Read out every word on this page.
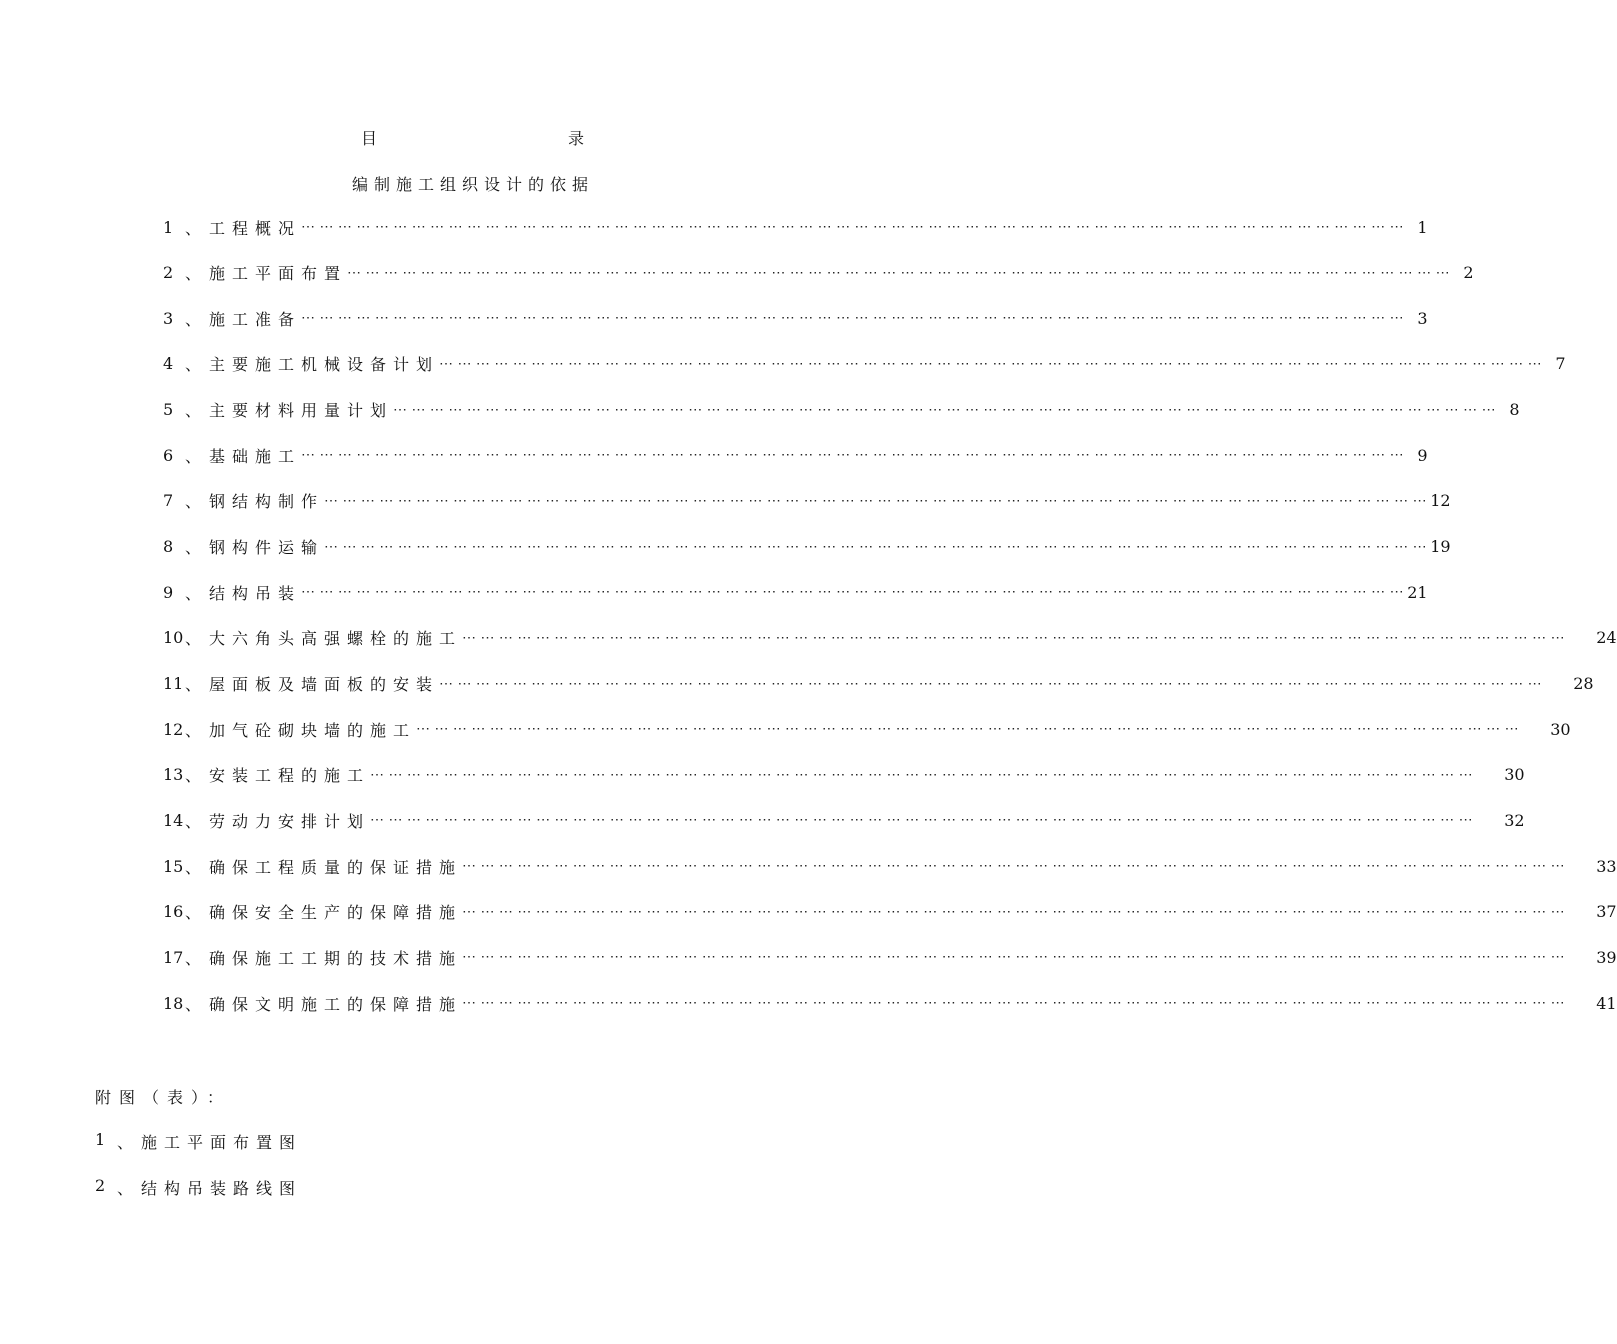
目	录
编制施工组织设计的依据
1 、 工程概况 ⋯ ⋯ ⋯ ⋯ ⋯ ⋯ ⋯ ⋯ ⋯ ⋯ ⋯ ⋯ ⋯ ⋯ ⋯ ⋯ ⋯ ⋯ ⋯ ⋯ ⋯ ⋯ ⋯ ⋯ ⋯ ⋯ ⋯ ⋯ ⋯ ⋯ ⋯ ⋯ ⋯ ⋯ ⋯ ⋯ ⋯ ⋯ ⋯ ⋯ ⋯ ⋯ ⋯ ⋯ ⋯ ⋯ ⋯ ⋯ ⋯ ⋯ ⋯ ⋯ ⋯ ⋯ ⋯ ⋯ ⋯ ⋯ ⋯ ⋯ 1
2 、 施工平面布置 ⋯ ⋯ ⋯ ⋯ ⋯ ⋯ ⋯ ⋯ ⋯ ⋯ ⋯ ⋯ ⋯ ⋯ ⋯ ⋯ ⋯ ⋯ ⋯ ⋯ ⋯ ⋯ ⋯ ⋯ ⋯ ⋯ ⋯ ⋯ ⋯ ⋯ ⋯ ⋯ ⋯ ⋯ ⋯ ⋯ ⋯ ⋯ ⋯ ⋯ ⋯ ⋯ ⋯ ⋯ ⋯ ⋯ ⋯ ⋯ ⋯ ⋯ ⋯ ⋯ ⋯ ⋯ ⋯ ⋯ ⋯ ⋯ ⋯ ⋯ 2
3 、 施工准备 ⋯ ⋯ ⋯ ⋯ ⋯ ⋯ ⋯ ⋯ ⋯ ⋯ ⋯ ⋯ ⋯ ⋯ ⋯ ⋯ ⋯ ⋯ ⋯ ⋯ ⋯ ⋯ ⋯ ⋯ ⋯ ⋯ ⋯ ⋯ ⋯ ⋯ ⋯ ⋯ ⋯ ⋯ ⋯ ⋯ ⋯ ⋯ ⋯ ⋯ ⋯ ⋯ ⋯ ⋯ ⋯ ⋯ ⋯ ⋯ ⋯ ⋯ ⋯ ⋯ ⋯ ⋯ ⋯ ⋯ ⋯ ⋯ ⋯ ⋯ 3
4 、 主要施工机械设备计划 ⋯ ⋯ ⋯ ⋯ ⋯ ⋯ ⋯ ⋯ ⋯ ⋯ ⋯ ⋯ ⋯ ⋯ ⋯ ⋯ ⋯ ⋯ ⋯ ⋯ ⋯ ⋯ ⋯ ⋯ ⋯ ⋯ ⋯ ⋯ ⋯ ⋯ ⋯ ⋯ ⋯ ⋯ ⋯ ⋯ ⋯ ⋯ ⋯ ⋯ ⋯ ⋯ ⋯ ⋯ ⋯ ⋯ ⋯ ⋯ ⋯ ⋯ ⋯ ⋯ ⋯ ⋯ ⋯ ⋯ ⋯ ⋯ ⋯ ⋯ 7
5 、 主要材料用量计划 ⋯ ⋯ ⋯ ⋯ ⋯ ⋯ ⋯ ⋯ ⋯ ⋯ ⋯ ⋯ ⋯ ⋯ ⋯ ⋯ ⋯ ⋯ ⋯ ⋯ ⋯ ⋯ ⋯ ⋯ ⋯ ⋯ ⋯ ⋯ ⋯ ⋯ ⋯ ⋯ ⋯ ⋯ ⋯ ⋯ ⋯ ⋯ ⋯ ⋯ ⋯ ⋯ ⋯ ⋯ ⋯ ⋯ ⋯ ⋯ ⋯ ⋯ ⋯ ⋯ ⋯ ⋯ ⋯ ⋯ ⋯ ⋯ ⋯ ⋯ 8
6 、 基础施工 ⋯ ⋯ ⋯ ⋯ ⋯ ⋯ ⋯ ⋯ ⋯ ⋯ ⋯ ⋯ ⋯ ⋯ ⋯ ⋯ ⋯ ⋯ ⋯ ⋯ ⋯ ⋯ ⋯ ⋯ ⋯ ⋯ ⋯ ⋯ ⋯ ⋯ ⋯ ⋯ ⋯ ⋯ ⋯ ⋯ ⋯ ⋯ ⋯ ⋯ ⋯ ⋯ ⋯ ⋯ ⋯ ⋯ ⋯ ⋯ ⋯ ⋯ ⋯ ⋯ ⋯ ⋯ ⋯ ⋯ ⋯ ⋯ ⋯ ⋯ 9
7 、 钢结构制作 ⋯ ⋯ ⋯ ⋯ ⋯ ⋯ ⋯ ⋯ ⋯ ⋯ ⋯ ⋯ ⋯ ⋯ ⋯ ⋯ ⋯ ⋯ ⋯ ⋯ ⋯ ⋯ ⋯ ⋯ ⋯ ⋯ ⋯ ⋯ ⋯ ⋯ ⋯ ⋯ ⋯ ⋯ ⋯ ⋯ ⋯ ⋯ ⋯ ⋯ ⋯ ⋯ ⋯ ⋯ ⋯ ⋯ ⋯ ⋯ ⋯ ⋯ ⋯ ⋯ ⋯ ⋯ ⋯ ⋯ ⋯ ⋯ ⋯ ⋯ 12
8 、 钢构件运输 ⋯ ⋯ ⋯ ⋯ ⋯ ⋯ ⋯ ⋯ ⋯ ⋯ ⋯ ⋯ ⋯ ⋯ ⋯ ⋯ ⋯ ⋯ ⋯ ⋯ ⋯ ⋯ ⋯ ⋯ ⋯ ⋯ ⋯ ⋯ ⋯ ⋯ ⋯ ⋯ ⋯ ⋯ ⋯ ⋯ ⋯ ⋯ ⋯ ⋯ ⋯ ⋯ ⋯ ⋯ ⋯ ⋯ ⋯ ⋯ ⋯ ⋯ ⋯ ⋯ ⋯ ⋯ ⋯ ⋯ ⋯ ⋯ ⋯ ⋯ 19
9 、 结构吊装 ⋯ ⋯ ⋯ ⋯ ⋯ ⋯ ⋯ ⋯ ⋯ ⋯ ⋯ ⋯ ⋯ ⋯ ⋯ ⋯ ⋯ ⋯ ⋯ ⋯ ⋯ ⋯ ⋯ ⋯ ⋯ ⋯ ⋯ ⋯ ⋯ ⋯ ⋯ ⋯ ⋯ ⋯ ⋯ ⋯ ⋯ ⋯ ⋯ ⋯ ⋯ ⋯ ⋯ ⋯ ⋯ ⋯ ⋯ ⋯ ⋯ ⋯ ⋯ ⋯ ⋯ ⋯ ⋯ ⋯ ⋯ ⋯ ⋯ ⋯ 21
10 、 大六角头高强螺栓的施工 ⋯ ⋯ ⋯ ⋯ ⋯ ⋯ ⋯ ⋯ ⋯ ⋯ ⋯ ⋯ ⋯ ⋯ ⋯ ⋯ ⋯ ⋯ ⋯ ⋯ ⋯ ⋯ ⋯ ⋯ ⋯ ⋯ ⋯ ⋯ ⋯ ⋯ ⋯ ⋯ ⋯ ⋯ ⋯ ⋯ ⋯ ⋯ ⋯ ⋯ ⋯ ⋯ ⋯ ⋯ ⋯ ⋯ ⋯ ⋯ ⋯ ⋯ ⋯ ⋯ ⋯ ⋯ ⋯ ⋯ ⋯ ⋯ ⋯ ⋯ 24
11 、 屋面板及墙面板的安装 ⋯ ⋯ ⋯ ⋯ ⋯ ⋯ ⋯ ⋯ ⋯ ⋯ ⋯ ⋯ ⋯ ⋯ ⋯ ⋯ ⋯ ⋯ ⋯ ⋯ ⋯ ⋯ ⋯ ⋯ ⋯ ⋯ ⋯ ⋯ ⋯ ⋯ ⋯ ⋯ ⋯ ⋯ ⋯ ⋯ ⋯ ⋯ ⋯ ⋯ ⋯ ⋯ ⋯ ⋯ ⋯ ⋯ ⋯ ⋯ ⋯ ⋯ ⋯ ⋯ ⋯ ⋯ ⋯ ⋯ ⋯ ⋯ ⋯ ⋯ 28
12 、 加气砼砌块墙的施工 ⋯ ⋯ ⋯ ⋯ ⋯ ⋯ ⋯ ⋯ ⋯ ⋯ ⋯ ⋯ ⋯ ⋯ ⋯ ⋯ ⋯ ⋯ ⋯ ⋯ ⋯ ⋯ ⋯ ⋯ ⋯ ⋯ ⋯ ⋯ ⋯ ⋯ ⋯ ⋯ ⋯ ⋯ ⋯ ⋯ ⋯ ⋯ ⋯ ⋯ ⋯ ⋯ ⋯ ⋯ ⋯ ⋯ ⋯ ⋯ ⋯ ⋯ ⋯ ⋯ ⋯ ⋯ ⋯ ⋯ ⋯ ⋯ ⋯ ⋯ 30
13 、 安装工程的施工 ⋯ ⋯ ⋯ ⋯ ⋯ ⋯ ⋯ ⋯ ⋯ ⋯ ⋯ ⋯ ⋯ ⋯ ⋯ ⋯ ⋯ ⋯ ⋯ ⋯ ⋯ ⋯ ⋯ ⋯ ⋯ ⋯ ⋯ ⋯ ⋯ ⋯ ⋯ ⋯ ⋯ ⋯ ⋯ ⋯ ⋯ ⋯ ⋯ ⋯ ⋯ ⋯ ⋯ ⋯ ⋯ ⋯ ⋯ ⋯ ⋯ ⋯ ⋯ ⋯ ⋯ ⋯ ⋯ ⋯ ⋯ ⋯ ⋯ ⋯ 30
14 、 劳动力安排计划 ⋯ ⋯ ⋯ ⋯ ⋯ ⋯ ⋯ ⋯ ⋯ ⋯ ⋯ ⋯ ⋯ ⋯ ⋯ ⋯ ⋯ ⋯ ⋯ ⋯ ⋯ ⋯ ⋯ ⋯ ⋯ ⋯ ⋯ ⋯ ⋯ ⋯ ⋯ ⋯ ⋯ ⋯ ⋯ ⋯ ⋯ ⋯ ⋯ ⋯ ⋯ ⋯ ⋯ ⋯ ⋯ ⋯ ⋯ ⋯ ⋯ ⋯ ⋯ ⋯ ⋯ ⋯ ⋯ ⋯ ⋯ ⋯ ⋯ ⋯ 32
15 、 确保工程质量的保证措施 ⋯ ⋯ ⋯ ⋯ ⋯ ⋯ ⋯ ⋯ ⋯ ⋯ ⋯ ⋯ ⋯ ⋯ ⋯ ⋯ ⋯ ⋯ ⋯ ⋯ ⋯ ⋯ ⋯ ⋯ ⋯ ⋯ ⋯ ⋯ ⋯ ⋯ ⋯ ⋯ ⋯ ⋯ ⋯ ⋯ ⋯ ⋯ ⋯ ⋯ ⋯ ⋯ ⋯ ⋯ ⋯ ⋯ ⋯ ⋯ ⋯ ⋯ ⋯ ⋯ ⋯ ⋯ ⋯ ⋯ ⋯ ⋯ ⋯ ⋯ 33
16 、 确保安全生产的保障措施 ⋯ ⋯ ⋯ ⋯ ⋯ ⋯ ⋯ ⋯ ⋯ ⋯ ⋯ ⋯ ⋯ ⋯ ⋯ ⋯ ⋯ ⋯ ⋯ ⋯ ⋯ ⋯ ⋯ ⋯ ⋯ ⋯ ⋯ ⋯ ⋯ ⋯ ⋯ ⋯ ⋯ ⋯ ⋯ ⋯ ⋯ ⋯ ⋯ ⋯ ⋯ ⋯ ⋯ ⋯ ⋯ ⋯ ⋯ ⋯ ⋯ ⋯ ⋯ ⋯ ⋯ ⋯ ⋯ ⋯ ⋯ ⋯ ⋯ ⋯ 37
17 、 确保施工工期的技术措施 ⋯ ⋯ ⋯ ⋯ ⋯ ⋯ ⋯ ⋯ ⋯ ⋯ ⋯ ⋯ ⋯ ⋯ ⋯ ⋯ ⋯ ⋯ ⋯ ⋯ ⋯ ⋯ ⋯ ⋯ ⋯ ⋯ ⋯ ⋯ ⋯ ⋯ ⋯ ⋯ ⋯ ⋯ ⋯ ⋯ ⋯ ⋯ ⋯ ⋯ ⋯ ⋯ ⋯ ⋯ ⋯ ⋯ ⋯ ⋯ ⋯ ⋯ ⋯ ⋯ ⋯ ⋯ ⋯ ⋯ ⋯ ⋯ ⋯ ⋯ 39
18 、 确保文明施工的保障措施 ⋯ ⋯ ⋯ ⋯ ⋯ ⋯ ⋯ ⋯ ⋯ ⋯ ⋯ ⋯ ⋯ ⋯ ⋯ ⋯ ⋯ ⋯ ⋯ ⋯ ⋯ ⋯ ⋯ ⋯ ⋯ ⋯ ⋯ ⋯ ⋯ ⋯ ⋯ ⋯ ⋯ ⋯ ⋯ ⋯ ⋯ ⋯ ⋯ ⋯ ⋯ ⋯ ⋯ ⋯ ⋯ ⋯ ⋯ ⋯ ⋯ ⋯ ⋯ ⋯ ⋯ ⋯ ⋯ ⋯ ⋯ ⋯ ⋯ ⋯ 41
附图（表）：
1 、 施工平面布置图
2 、 结构吊装路线图
